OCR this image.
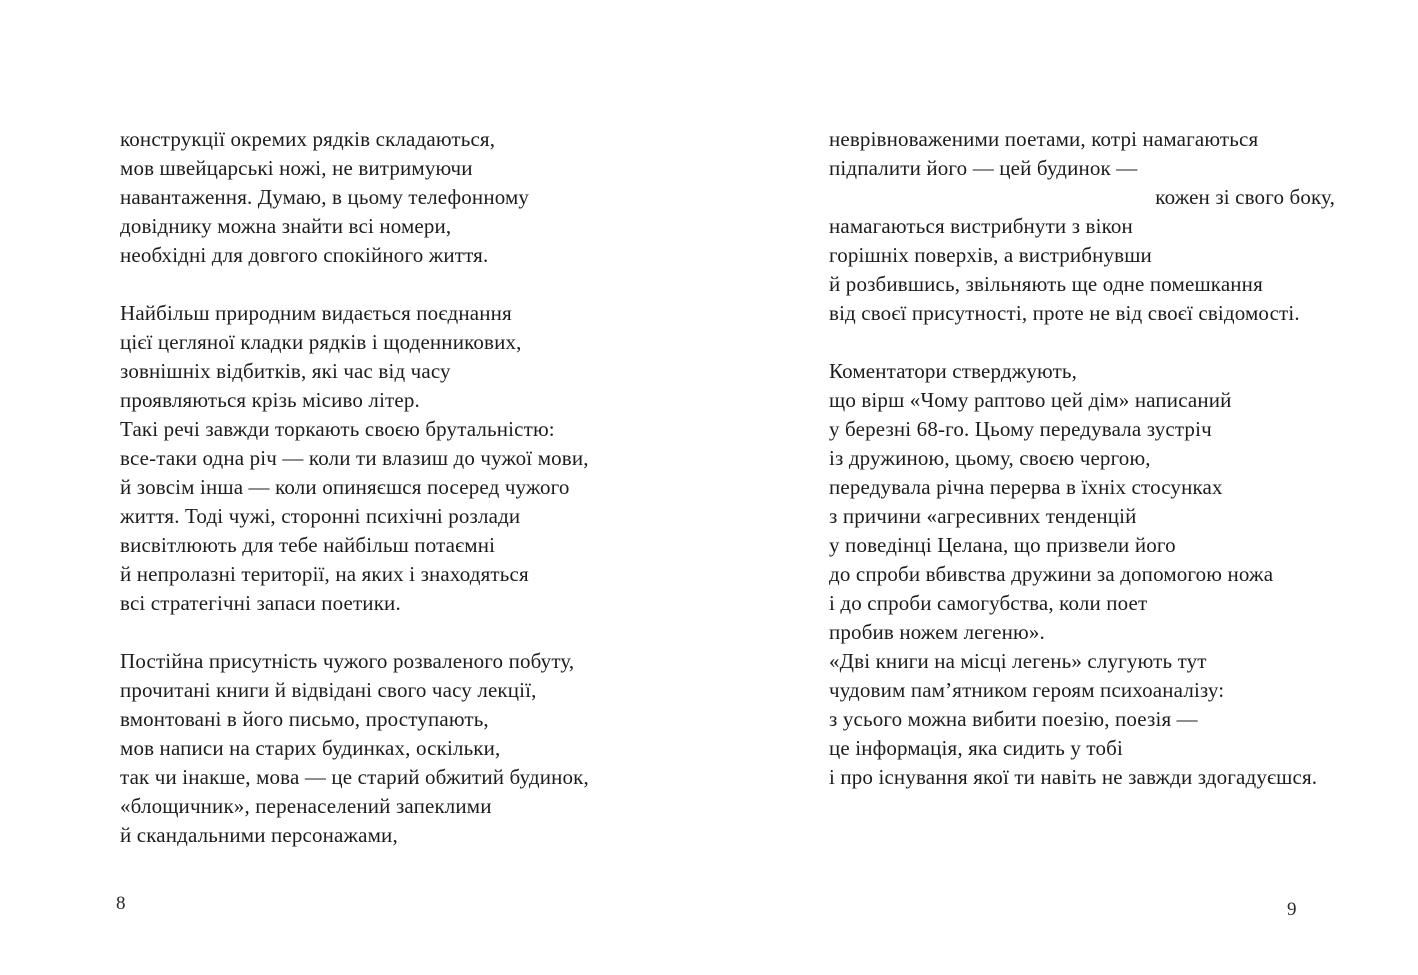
конструкції окремих рядків складаються,
мов швейцарські ножі, не витримуючи
навантаження. Думаю, в цьому телефонному
довіднику можна знайти всі номери,
необхідні для довгого спокійного життя.
Найбільш природним видається поєднання
цієї цегляної кладки рядків і щоденникових,
зовнішніх відбитків, які час від часу
проявляються крізь місиво літер.
Такі речі завжди торкають своєю брутальністю:
все-таки одна річ — коли ти влазиш до чужої мови,
й зовсім інша — коли опиняєшся посеред чужого
життя. Тоді чужі, сторонні психічні розлади
висвітлюють для тебе найбільш потаємні
й непролазні території, на яких і знаходяться
всі стратегічні запаси поетики.
Постійна присутність чужого розваленого побуту,
прочитані книги й відвідані свого часу лекції,
вмонтовані в його письмо, проступають,
мов написи на старих будинках, оскільки,
так чи інакше, мова — це старий обжитий будинок,
«блощичник», перенаселений запеклими
й скандальними персонажами,
неврівноваженими поетами, котрі намагаються
підпалити його — цей будинок —
кожен зі свого боку,
намагаються вистрибнути з вікон
горішніх поверхів, а вистрибнувши
й розбившись, звільняють ще одне помешкання
від своєї присутності, проте не від своєї свідомості.
Коментатори стверджують,
що вірш «Чому раптово цей дім» написаний
у березні 68-го. Цьому передувала зустріч
із дружиною, цьому, своєю чергою,
передувала річна перерва в їхніх стосунках
з причини «агресивних тенденцій
у поведінці Целана, що призвели його
до спроби вбивства дружини за допомогою ножа
і до спроби самогубства, коли поет
пробив ножем легеню».
«Дві книги на місці легень» слугують тут
чудовим пам’ятником героям психоаналізу:
з усього можна вибити поезію, поезія —
це інформація, яка сидить у тобі
і про існування якої ти навіть не завжди здогадуєшся.
8	9
